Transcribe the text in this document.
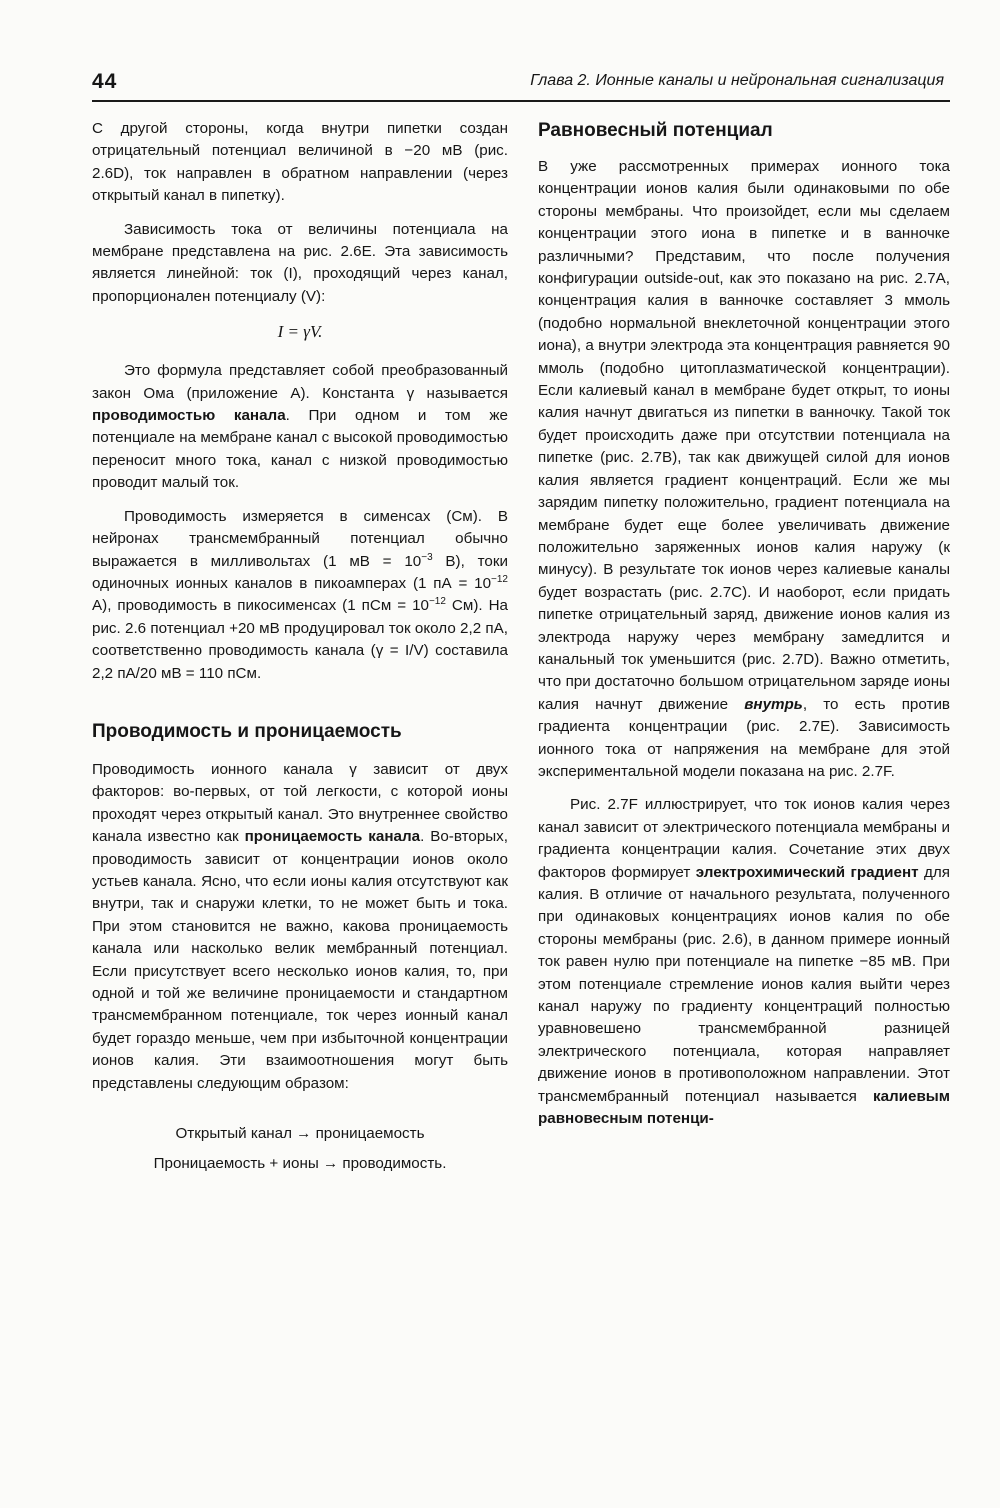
44	Глава 2. Ионные каналы и нейрональная сигнализация

С другой стороны, когда внутри пипетки создан отрицательный потенциал величиной в −20 мВ (рис. 2.6D), ток направлен в обратном направлении (через открытый канал в пипетку).

Зависимость тока от величины потенциала на мембране представлена на рис. 2.6E. Эта зависимость является линейной: ток (I), проходящий через канал, пропорционален потенциалу (V):

I = γV.

Это формула представляет собой преобразованный закон Ома (приложение А). Константа γ называется проводимостью канала. При одном и том же потенциале на мембране канал с высокой проводимостью переносит много тока, канал с низкой проводимостью проводит малый ток.

Проводимость измеряется в сименсах (См). В нейронах трансмембранный потенциал обычно выражается в милливольтах (1 мВ = $10^{-3}$ В), токи одиночных ионных каналов в пикоамперах (1 пА = $10^{-12}$ А), проводимость в пикосименсах (1 пСм = $10^{-12}$ См). На рис. 2.6 потенциал +20 мВ продуцировал ток около 2,2 пА, соответственно проводимость канала (γ = I/V) составила 2,2 пА/20 мВ = 110 пСм.

Проводимость и проницаемость

Проводимость ионного канала γ зависит от двух факторов: во-первых, от той легкости, с которой ионы проходят через открытый канал. Это внутреннее свойство канала известно как проницаемость канала. Во-вторых, проводимость зависит от концентрации ионов около устьев канала. Ясно, что если ионы калия отсутствуют как внутри, так и снаружи клетки, то не может быть и тока. При этом становится не важно, какова проницаемость канала или насколько велик мембранный потенциал. Если присутствует всего несколько ионов калия, то, при одной и той же величине проницаемости и стандартном трансмембранном потенциале, ток через ионный канал будет гораздо меньше, чем при избыточной концентрации ионов калия. Эти взаимоотношения могут быть представлены следующим образом:

Открытый канал → проницаемость
Проницаемость + ионы → проводимость.
Равновесный потенциал

В уже рассмотренных примерах ионного тока концентрации ионов калия были одинаковыми по обе стороны мембраны. Что произойдет, если мы сделаем концентрации этого иона в пипетке и в ванночке различными? Представим, что после получения конфигурации outside-out, как это показано на рис. 2.7A, концентрация калия в ванночке составляет 3 ммоль (подобно нормальной внеклеточной концентрации этого иона), а внутри электрода эта концентрация равняется 90 ммоль (подобно цитоплазматической концентрации). Если калиевый канал в мембране будет открыт, то ионы калия начнут двигаться из пипетки в ванночку. Такой ток будет происходить даже при отсутствии потенциала на пипетке (рис. 2.7B), так как движущей силой для ионов калия является градиент концентраций. Если же мы зарядим пипетку положительно, градиент потенциала на мембране будет еще более увеличивать движение положительно заряженных ионов калия наружу (к минусу). В результате ток ионов через калиевые каналы будет возрастать (рис. 2.7C). И наоборот, если придать пипетке отрицательный заряд, движение ионов калия из электрода наружу через мембрану замедлится и канальный ток уменьшится (рис. 2.7D). Важно отметить, что при достаточно большом отрицательном заряде ионы калия начнут движение внутрь, то есть против градиента концентрации (рис. 2.7E). Зависимость ионного тока от напряжения на мембране для этой экспериментальной модели показана на рис. 2.7F.

Рис. 2.7F иллюстрирует, что ток ионов калия через канал зависит от электрического потенциала мембраны и градиента концентрации калия. Сочетание этих двух факторов формирует электрохимический градиент для калия. В отличие от начального результата, полученного при одинаковых концентрациях ионов калия по обе стороны мембраны (рис. 2.6), в данном примере ионный ток равен нулю при потенциале на пипетке −85 мВ. При этом потенциале стремление ионов калия выйти через канал наружу по градиенту концентраций полностью уравновешено трансмембранной разницей электрического потенциала, которая направляет движение ионов в противоположном направлении. Этот трансмембранный потенциал называется калиевым равновесным потенци-
